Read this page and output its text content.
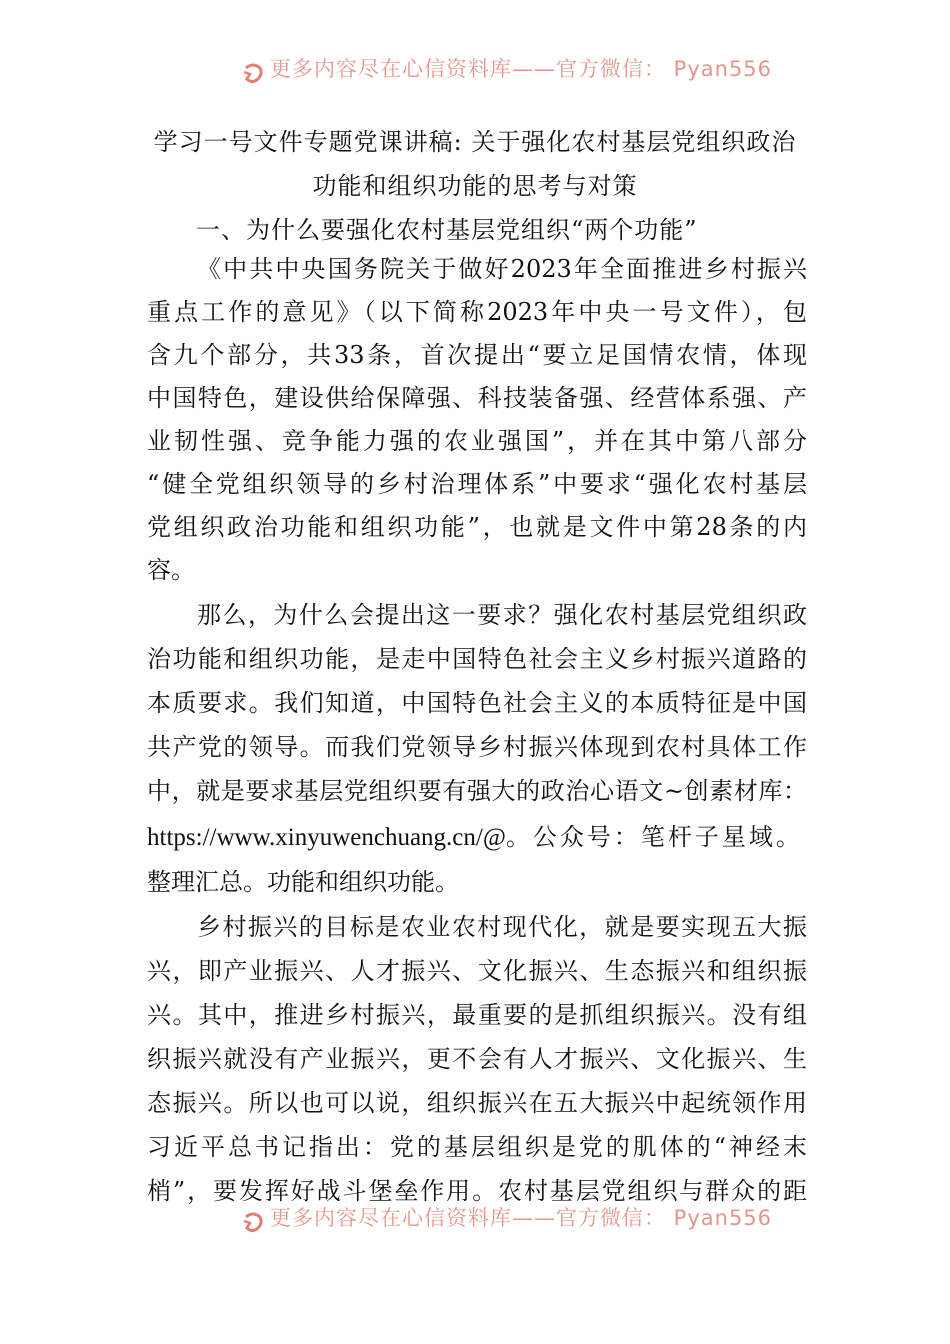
更多内容尽在心信资料库——官方微信： Pyan556
学习一号文件专题党课讲稿: 关于强化农村基层党组织政治
功能和组织功能的思考与对策
一、为什么要强化农村基层党组织“两个功能”
《中共中央国务院关于做好2023年全面推进乡村振兴
重点工作的意见》（以下简称2023年中央一号文件），包
含九个部分，共33条，首次提出“要立足国情农情，体现
中国特色，建设供给保障强、科技装备强、经营体系强、产
业韧性强、竞争能力强的农业强国”，并在其中第八部分
“健全党组织领导的乡村治理体系”中要求“强化农村基层
党组织政治功能和组织功能”，也就是文件中第28条的内
容。
那么，为什么会提出这一要求？强化农村基层党组织政
治功能和组织功能，是走中国特色社会主义乡村振兴道路的
本质要求。我们知道，中国特色社会主义的本质特征是中国
共产党的领导。而我们党领导乡村振兴体现到农村具体工作
中，就是要求基层党组织要有强大的政治心语文~创素材库：
https://www.xinyuwenchuang.cn/@。公众号：笔杆子星域。
整理汇总。功能和组织功能。
乡村振兴的目标是农业农村现代化，就是要实现五大振
兴，即产业振兴、人才振兴、文化振兴、生态振兴和组织振
兴。其中，推进乡村振兴，最重要的是抓组织振兴。没有组
织振兴就没有产业振兴，更不会有人才振兴、文化振兴、生
态振兴。所以也可以说，组织振兴在五大振兴中起统领作用
习近平总书记指出：党的基层组织是党的肌体的“神经末
梢”，要发挥好战斗堡垒作用。农村基层党组织与群众的距
更多内容尽在心信资料库——官方微信： Pyan556
